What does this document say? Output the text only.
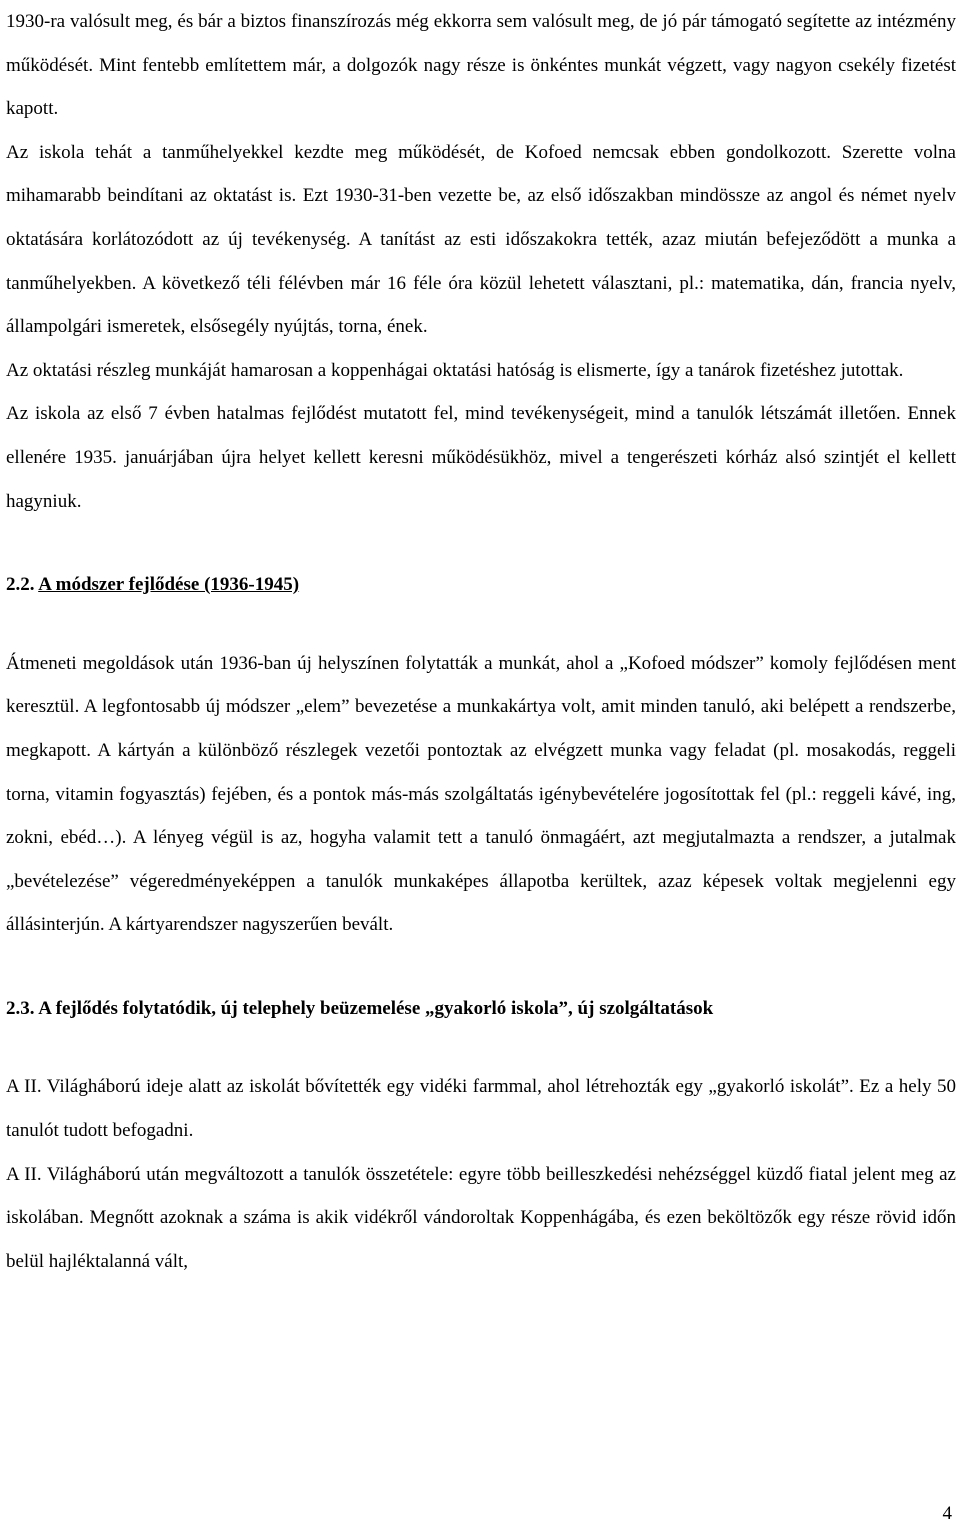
1930-ra valósult meg, és bár a biztos finanszírozás még ekkorra sem valósult meg, de jó pár támogató segítette az intézmény működését. Mint fentebb említettem már, a dolgozók nagy része is önkéntes munkát végzett, vagy nagyon csekély fizetést kapott.

Az iskola tehát a tanműhelyekkel kezdte meg működését, de Kofoed nemcsak ebben gondolkozott. Szerette volna mihamarabb beindítani az oktatást is. Ezt 1930-31-ben vezette be, az első időszakban mindössze az angol és német nyelv oktatására korlátozódott az új tevékenység. A tanítást az esti időszakokra tették, azaz miután befejeződött a munka a tanműhelyekben. A következő téli félévben már 16 féle óra közül lehetett választani, pl.: matematika, dán, francia nyelv, állampolgári ismeretek, elsősegély nyújtás, torna, ének.

Az oktatási részleg munkáját hamarosan a koppenhágai oktatási hatóság is elismerte, így a tanárok fizetéshez jutottak.

Az iskola az első 7 évben hatalmas fejlődést mutatott fel, mind tevékenységeit, mind a tanulók létszámát illetően. Ennek ellenére 1935. januárjában újra helyet kellett keresni működésükhöz, mivel a tengerészeti kórház alsó szintjét el kellett hagyniuk.

2.2. A módszer fejlődése (1936-1945)

Átmeneti megoldások után 1936-ban új helyszínen folytatták a munkát, ahol a „Kofoed módszer” komoly fejlődésen ment keresztül. A legfontosabb új módszer „elem” bevezetése a munkakártya volt, amit minden tanuló, aki belépett a rendszerbe, megkapott. A kártyán a különböző részlegek vezetői pontoztak az elvégzett munka vagy feladat (pl. mosakodás, reggeli torna, vitamin fogyasztás) fejében, és a pontok más-más szolgáltatás igénybevételére jogosítottak fel (pl.: reggeli kávé, ing, zokni, ebéd…). A lényeg végül is az, hogyha valamit tett a tanuló önmagáért, azt megjutalmazta a rendszer, a jutalmak „bevételezése” végeredményeképpen a tanulók munkaképes állapotba kerültek, azaz képesek voltak megjelenni egy állásinterjún. A kártyarendszer nagyszerűen bevált.

2.3. A fejlődés folytatódik, új telephely beüzemelése „gyakorló iskola”, új szolgáltatások

A II. Világháború ideje alatt az iskolát bővítették egy vidéki farmmal, ahol létrehozták egy „gyakorló iskolát”. Ez a hely 50 tanulót tudott befogadni.

A II. Világháború után megváltozott a tanulók összetétele: egyre több beilleszkedési nehézséggel küzdő fiatal jelent meg az iskolában. Megnőtt azoknak a száma is akik vidékről vándoroltak Koppenhágába, és ezen beköltözők egy része rövid időn belül hajléktalanná vált,

4
